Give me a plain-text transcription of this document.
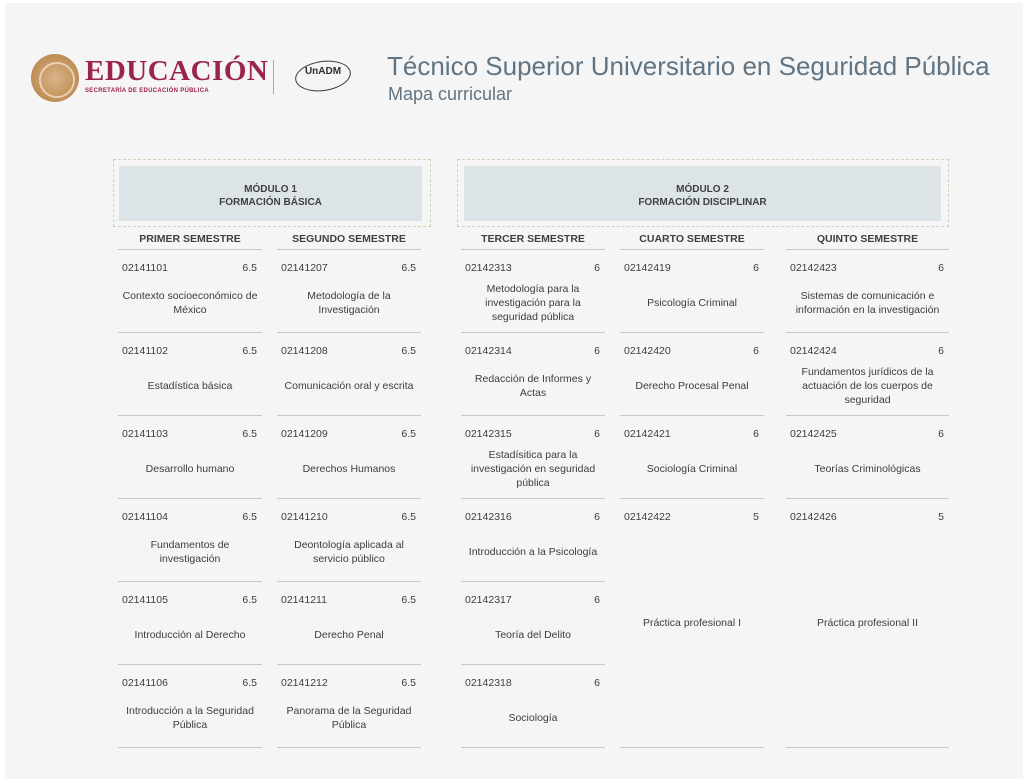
EDUCACIÓN
SECRETARÍA DE EDUCACIÓN PÚBLICA
UnADM	Técnico Superior Universitario en Seguridad Pública
Mapa curricular
MÓDULO 1
FORMACIÓN BÁSICA
MÓDULO 2
FORMACIÓN DISCIPLINAR
PRIMER SEMESTRE
02141101	6.5
Contexto socioeconómico de México
02141102	6.5
Estadística básica
02141103	6.5
Desarrollo humano
02141104	6.5
Fundamentos de investigación
02141105	6.5
Introducción al Derecho
02141106	6.5
Introducción a la Seguridad Pública
SEGUNDO SEMESTRE
02141207	6.5
Metodología de la Investigación
02141208	6.5
Comunicación oral y escrita
02141209	6.5
Derechos Humanos
02141210	6.5
Deontología aplicada al servicio público
02141211	6.5
Derecho Penal
02141212	6.5
Panorama de la Seguridad Pública
TERCER SEMESTRE
02142313	6
Metodología para la investigación para la seguridad pública
02142314	6
Redacción de Informes y Actas
02142315	6
Estadísitica para la investigación en seguridad pública
02142316	6
Introducción a la Psicología
02142317	6
Teoría del Delito
02142318	6
Sociología
CUARTO SEMESTRE
02142419	6
Psicología Criminal
02142420	6
Derecho Procesal Penal
02142421	6
Sociología Criminal
02142422	5
Práctica profesional I
QUINTO SEMESTRE
02142423	6
Sistemas de comunicación e información en la investigación
02142424	6
Fundamentos jurídicos de la actuación de los cuerpos de seguridad
02142425	6
Teorías Criminológicas
02142426	5
Práctica profesional II
